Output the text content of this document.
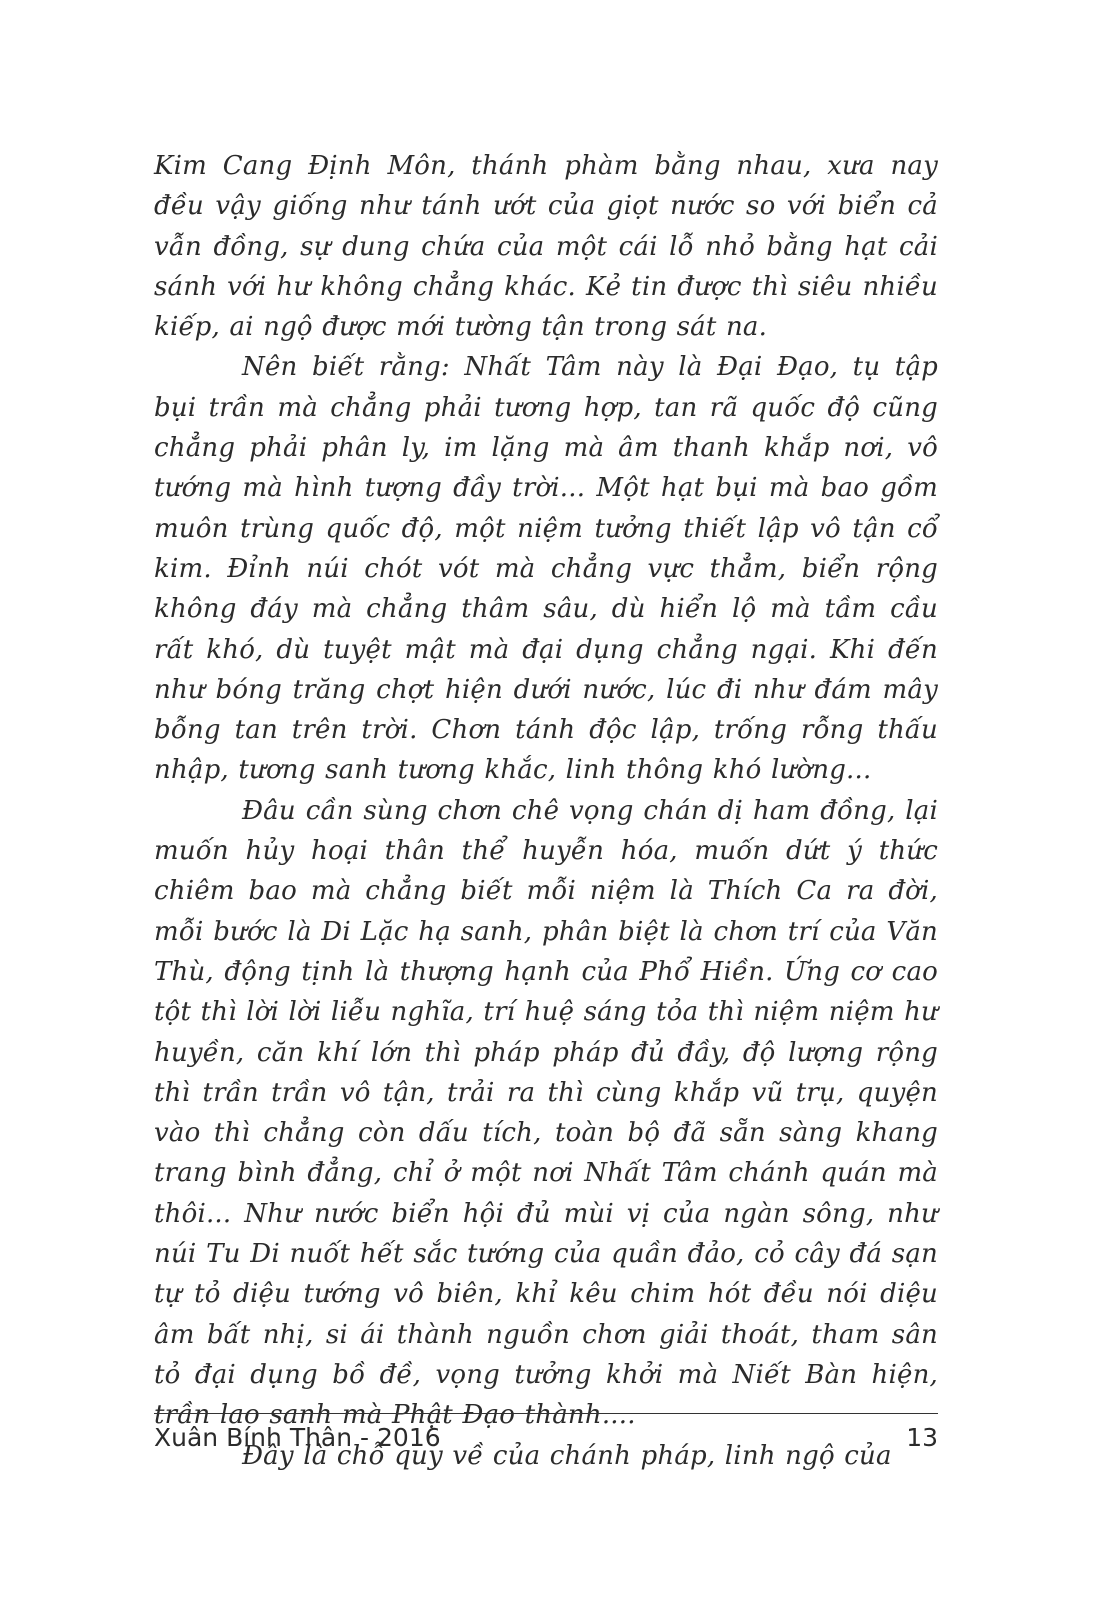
Kim Cang Định Môn, thánh phàm bằng nhau, xưa nay đều vậy giống như tánh ướt của giọt nước so với biển cả vẫn đồng, sự dung chứa của một cái lỗ nhỏ bằng hạt cải sánh với hư không chẳng khác. Kẻ tin được thì siêu nhiều kiếp, ai ngộ được mới tường tận trong sát na.

Nên biết rằng: Nhất Tâm này là Đại Đạo, tụ tập bụi trần mà chẳng phải tương hợp, tan rã quốc độ cũng chẳng phải phân ly, im lặng mà âm thanh khắp nơi, vô tướng mà hình tượng đầy trời... Một hạt bụi mà bao gồm muôn trùng quốc độ, một niệm tưởng thiết lập vô tận cổ kim. Đỉnh núi chót vót mà chẳng vực thẳm, biển rộng không đáy mà chẳng thâm sâu, dù hiển lộ mà tầm cầu rất khó, dù tuyệt mật mà đại dụng chẳng ngại. Khi đến như bóng trăng chợt hiện dưới nước, lúc đi như đám mây bỗng tan trên trời. Chơn tánh độc lập, trống rỗng thấu nhập, tương sanh tương khắc, linh thông khó lường...

Đâu cần sùng chơn chê vọng chán dị ham đồng, lại muốn hủy hoại thân thể huyễn hóa, muốn dứt ý thức chiêm bao mà chẳng biết mỗi niệm là Thích Ca ra đời, mỗi bước là Di Lặc hạ sanh, phân biệt là chơn trí của Văn Thù, động tịnh là thượng hạnh của Phổ Hiền. Ứng cơ cao tột thì lời lời liễu nghĩa, trí huệ sáng tỏa thì niệm niệm hư huyền, căn khí lớn thì pháp pháp đủ đầy, độ lượng rộng thì trần trần vô tận, trải ra thì cùng khắp vũ trụ, quyện vào thì chẳng còn dấu tích, toàn bộ đã sẵn sàng khang trang bình đẳng, chỉ ở một nơi Nhất Tâm chánh quán mà thôi... Như nước biển hội đủ mùi vị của ngàn sông, như núi Tu Di nuốt hết sắc tướng của quần đảo, cỏ cây đá sạn tự tỏ diệu tướng vô biên, khỉ kêu chim hót đều nói diệu âm bất nhị, si ái thành nguồn chơn giải thoát, tham sân tỏ đại dụng bồ đề, vọng tưởng khởi mà Niết Bàn hiện, trần lao sanh mà Phật Đạo thành....

Đây là chỗ quy về của chánh pháp, linh ngộ của

Xuân Bính Thân - 2016	13
